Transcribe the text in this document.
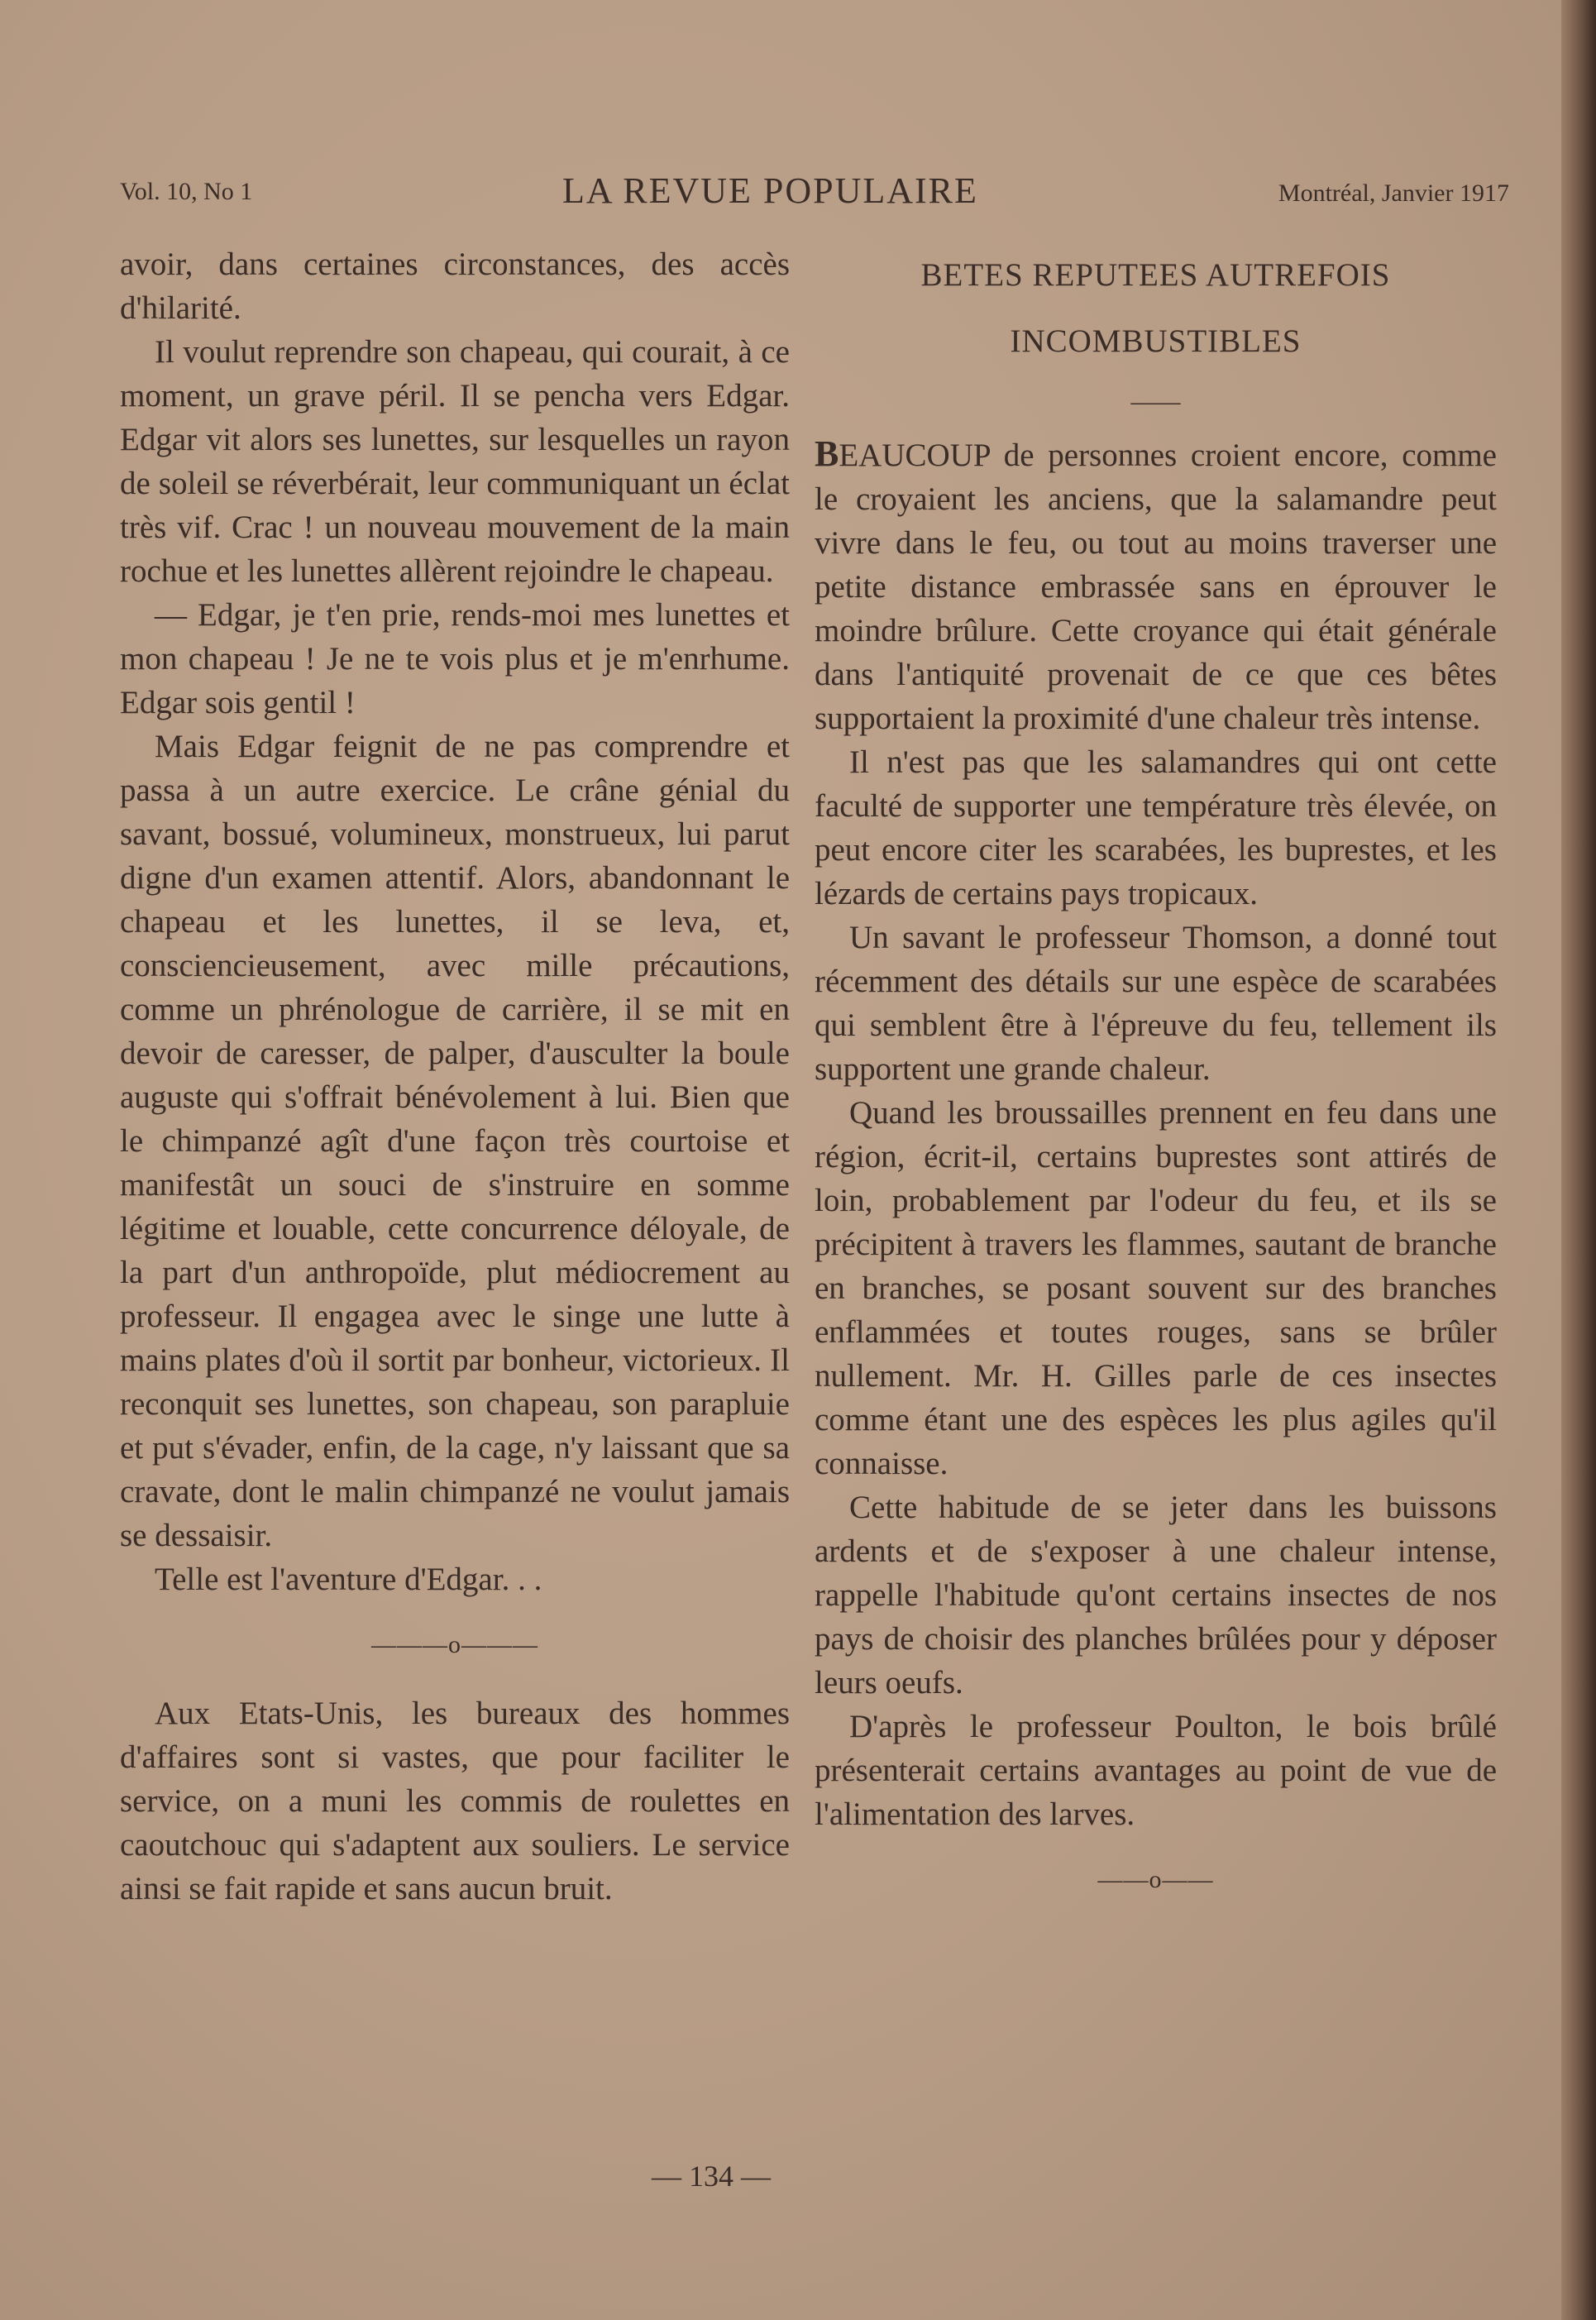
Vol. 10, No 1	LA REVUE POPULAIRE	Montréal, Janvier 1917

avoir, dans certaines circonstances, des accès d'hilarité.

Il voulut reprendre son chapeau, qui courait, à ce moment, un grave péril. Il se pencha vers Edgar. Edgar vit alors ses lunettes, sur lesquelles un rayon de soleil se réverbérait, leur communiquant un éclat très vif. Crac ! un nouveau mouvement de la main rochue et les lunettes allèrent rejoindre le chapeau.

— Edgar, je t'en prie, rends-moi mes lunettes et mon chapeau ! Je ne te vois plus et je m'enrhume. Edgar sois gentil !

Mais Edgar feignit de ne pas comprendre et passa à un autre exercice. Le crâne génial du savant, bossué, volumineux, monstrueux, lui parut digne d'un examen attentif. Alors, abandonnant le chapeau et les lunettes, il se leva, et, consciencieusement, avec mille précautions, comme un phrénologue de carrière, il se mit en devoir de caresser, de palper, d'ausculter la boule auguste qui s'offrait bénévolement à lui. Bien que le chimpanzé agît d'une façon très courtoise et manifestât un souci de s'instruire en somme légitime et louable, cette concurrence déloyale, de la part d'un anthropoïde, plut médiocrement au professeur. Il engagea avec le singe une lutte à mains plates d'où il sortit par bonheur, victorieux. Il reconquit ses lunettes, son chapeau, son parapluie et put s'évader, enfin, de la cage, n'y laissant que sa cravate, dont le malin chimpanzé ne voulut jamais se dessaisir.

Telle est l'aventure d'Edgar. . .

———o———

Aux Etats-Unis, les bureaux des hommes d'affaires sont si vastes, que pour faciliter le service, on a muni les commis de roulettes en caoutchouc qui s'adaptent aux souliers. Le service ainsi se fait rapide et sans aucun bruit.

BETES REPUTEES AUTREFOIS INCOMBUSTIBLES
——

BEAUCOUP de personnes croient encore, comme le croyaient les anciens, que la salamandre peut vivre dans le feu, ou tout au moins traverser une petite distance embrassée sans en éprouver le moindre brûlure. Cette croyance qui était générale dans l'antiquité provenait de ce que ces bêtes supportaient la proximité d'une chaleur très intense.

Il n'est pas que les salamandres qui ont cette faculté de supporter une température très élevée, on peut encore citer les scarabées, les buprestes, et les lézards de certains pays tropicaux.

Un savant le professeur Thomson, a donné tout récemment des détails sur une espèce de scarabées qui semblent être à l'épreuve du feu, tellement ils supportent une grande chaleur.

Quand les broussailles prennent en feu dans une région, écrit-il, certains buprestes sont attirés de loin, probablement par l'odeur du feu, et ils se précipitent à travers les flammes, sautant de branche en branches, se posant souvent sur des branches enflammées et toutes rouges, sans se brûler nullement. Mr. H. Gilles parle de ces insectes comme étant une des espèces les plus agiles qu'il connaisse.

Cette habitude de se jeter dans les buissons ardents et de s'exposer à une chaleur intense, rappelle l'habitude qu'ont certains insectes de nos pays de choisir des planches brûlées pour y déposer leurs oeufs.

D'après le professeur Poulton, le bois brûlé présenterait certains avantages au point de vue de l'alimentation des larves.

——o——
— 134 —
